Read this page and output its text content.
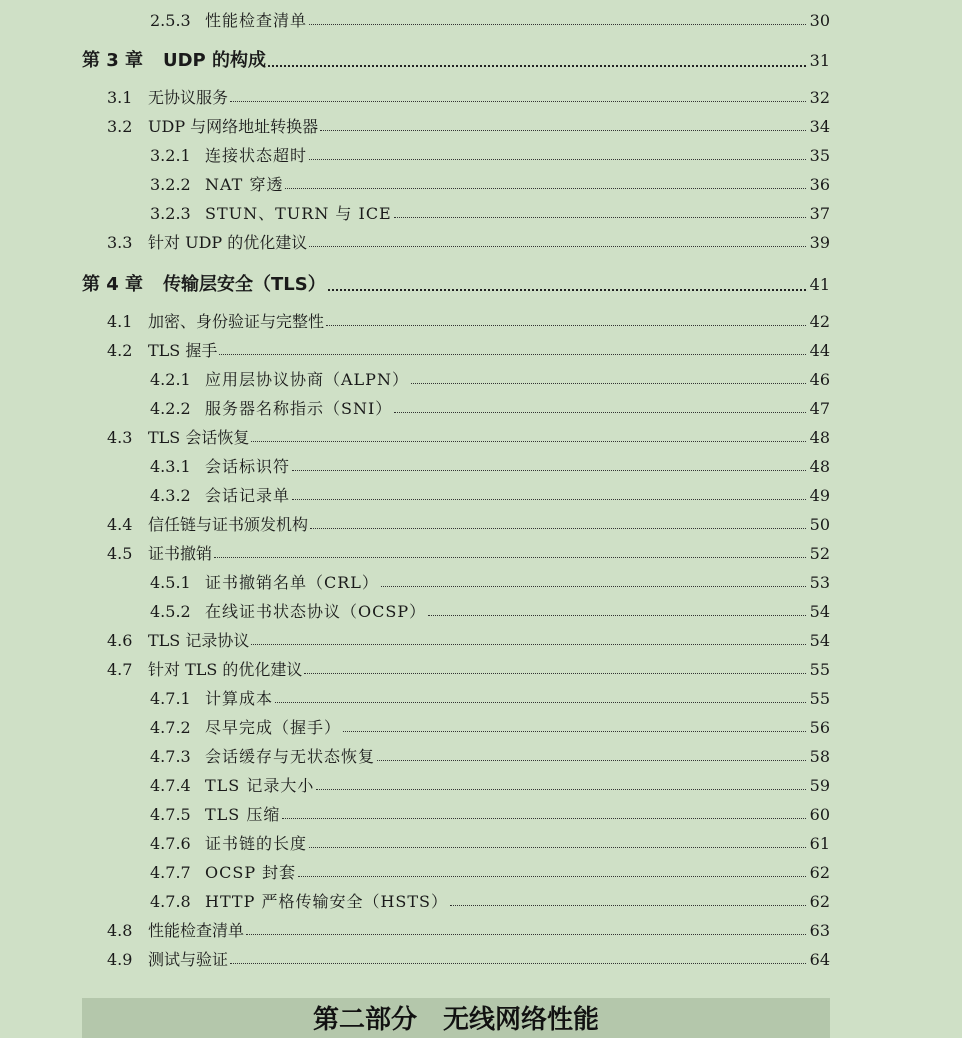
2.5.3 性能检查清单	30
第 3 章 UDP 的构成	31
3.1 无协议服务	32
3.2 UDP 与网络地址转换器	34
3.2.1 连接状态超时	35
3.2.2 NAT 穿透	36
3.2.3 STUN、TURN 与 ICE	37
3.3 针对 UDP 的优化建议	39
第 4 章 传输层安全（TLS）	41
4.1 加密、身份验证与完整性	42
4.2 TLS 握手	44
4.2.1 应用层协议协商（ALPN）	46
4.2.2 服务器名称指示（SNI）	47
4.3 TLS 会话恢复	48
4.3.1 会话标识符	48
4.3.2 会话记录单	49
4.4 信任链与证书颁发机构	50
4.5 证书撤销	52
4.5.1 证书撤销名单（CRL）	53
4.5.2 在线证书状态协议（OCSP）	54
4.6 TLS 记录协议	54
4.7 针对 TLS 的优化建议	55
4.7.1 计算成本	55
4.7.2 尽早完成（握手）	56
4.7.3 会话缓存与无状态恢复	58
4.7.4 TLS 记录大小	59
4.7.5 TLS 压缩	60
4.7.6 证书链的长度	61
4.7.7 OCSP 封套	62
4.7.8 HTTP 严格传输安全（HSTS）	62
4.8 性能检查清单	63
4.9 测试与验证	64
第二部分　无线网络性能
